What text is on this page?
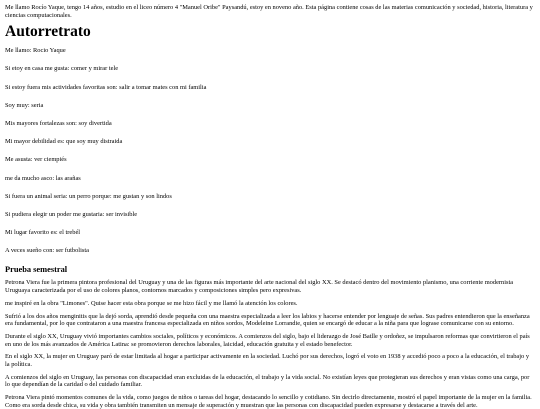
Me llamo Rocío Yaque, tengo 14 años, estudio en el liceo número 4 "Manuel Oribe" Paysandú, estoy en noveno año. Esta página contiene cosas de las materias comunicación y sociedad, historia, literatura y ciencias computacionales.

Autorretrato

Me llamo: Rocio Yaque

Si etoy en casa me gusta: comer y mirar tele

Si estoy fuera mis actividades favoritas son: salir a tomar mates con mi familia

Soy muy: seria

Mis mayores fortalezas son: soy divertida

Mi mayor debilidad es: que soy muy distraida

Me asusta: ver ciempiés

me da mucho asco: las arañas

Si fuera un animal seria: un perro porque: me gustan y son lindos

Si pudiera elegir un poder me gustaria: ser invisible

Mi lugar favorito es: el trebél

A veces sueño con: ser futbolista

Prueba semestral

Petrona Viera fue la primera pintora profesional del Uruguay y una de las figuras más importante del arte nacional del siglo XX. Se destacó dentro del movimiento planismo, una corriente modernista Uruguaya caracterizada por el uso de colores planos, contornos marcados y composiciones simples pero expresivas.

me inspiré en la obra "Limones". Quise hacer esta obra porque se me hizo fácil y me llamó la atención los colores.

Sufrió a los dos años menginitis que la dejó sorda, aprendió desde pequeña con una maestra especializada a leer los labios y hacerse entender por lenguaje de señas. Sus padres entendieron que la enseñanza era fundamental, por lo que contrataron a una maestra francesa especializada en niños sordos, Modeleine Lorrandie, quien se encargó de educar a la niña para que lograse comunicarse con su entorno.

Durante el siglo XX, Uruguay vivió importantes cambios sociales, políticos y económicos. A comienzos del siglo, bajo el liderazgo de José Batlle y ordoñez, se impulsaron reformas que convirtieron el país en uno de los más avanzados de América Latina: se promovieron derechos laborales, laicidad, educación gratuita y el estado benefector.

En el siglo XX, la mujer en Uruguay paró de estar limitada al hogar a participar activamente en la sociedad. Luchó por sus derechos, logró el voto en 1938 y accedió poco a poco a la educación, el trabajo y la política.

A comienzos del siglo en Uruguay, las personas con discapacidad eran excluidas de la educación, el trabajo y la vida social. No existían leyes que protegieran sus derechos y eran vistas como una carga, por lo que dependían de la caridad o del cuidado familiar.

Petrona Viera pintó momentos comunes de la vida, como juegos de niños o tareas del hogar, destacando lo sencillo y cotidiano. Sin decirlo directamente, mostró el papel importante de la mujer en la familia. Como era sorda desde chica, su vida y obra también transmiten un mensaje de superación y muestran que las personas con discapacidad pueden expresarse y destacarse a través del arte.
